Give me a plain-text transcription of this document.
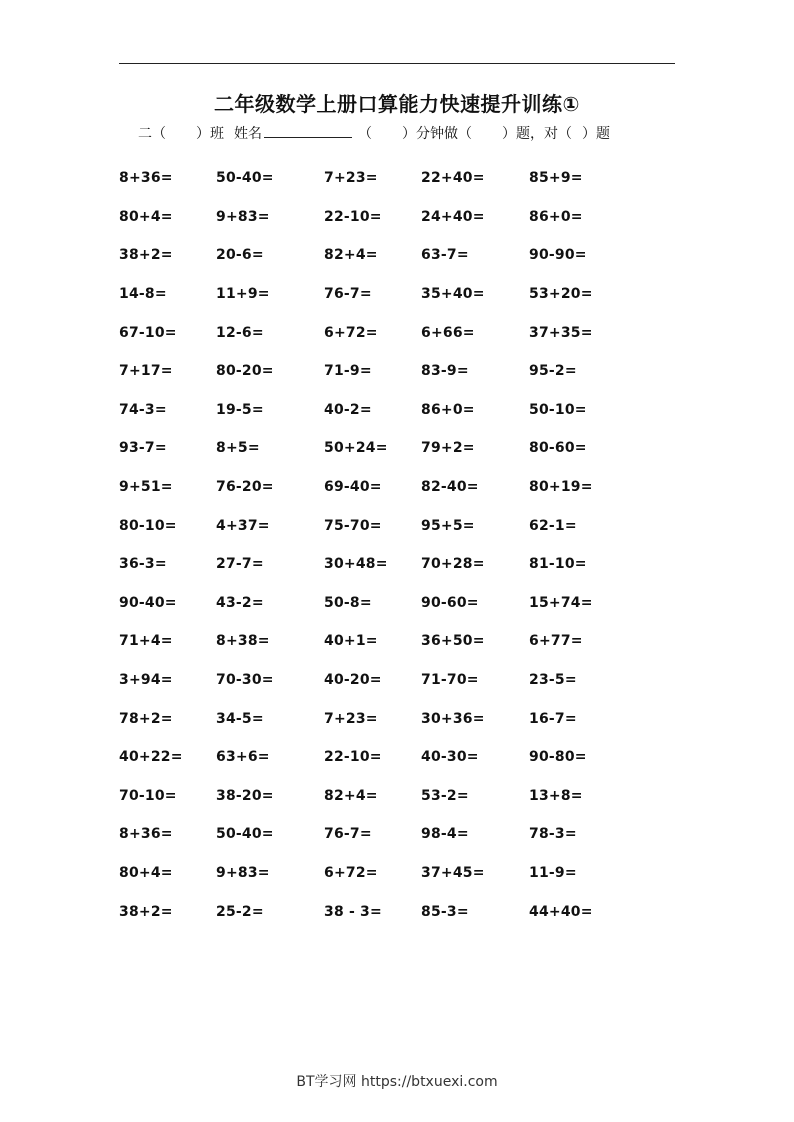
二年级数学上册口算能力快速提升训练①
二（ ）班 姓名	（ ）分钟做（ ）题，对（ ）题
8+36=	50-40=	7+23=	22+40=	85+9=
80+4=	9+83=	22-10=	24+40=	86+0=
38+2=	20-6=	82+4=	63-7=	90-90=
14-8=	11+9=	76-7=	35+40=	53+20=
67-10=	12-6=	6+72=	6+66=	37+35=
7+17=	80-20=	71-9=	83-9=	95-2=
74-3=	19-5=	40-2=	86+0=	50-10=
93-7=	8+5=	50+24=	79+2=	80-60=
9+51=	76-20=	69-40=	82-40=	80+19=
80-10=	4+37=	75-70=	95+5=	62-1=
36-3=	27-7=	30+48=	70+28=	81-10=
90-40=	43-2=	50-8=	90-60=	15+74=
71+4=	8+38=	40+1=	36+50=	6+77=
3+94=	70-30=	40-20=	71-70=	23-5=
78+2=	34-5=	7+23=	30+36=	16-7=
40+22=	63+6=	22-10=	40-30=	90-80=
70-10=	38-20=	82+4=	53-2=	13+8=
8+36=	50-40=	76-7=	98-4=	78-3=
80+4=	9+83=	6+72=	37+45=	11-9=
38+2=	25-2=	38 - 3=	85-3=	44+40=
BT学习网 https://btxuexi.com
